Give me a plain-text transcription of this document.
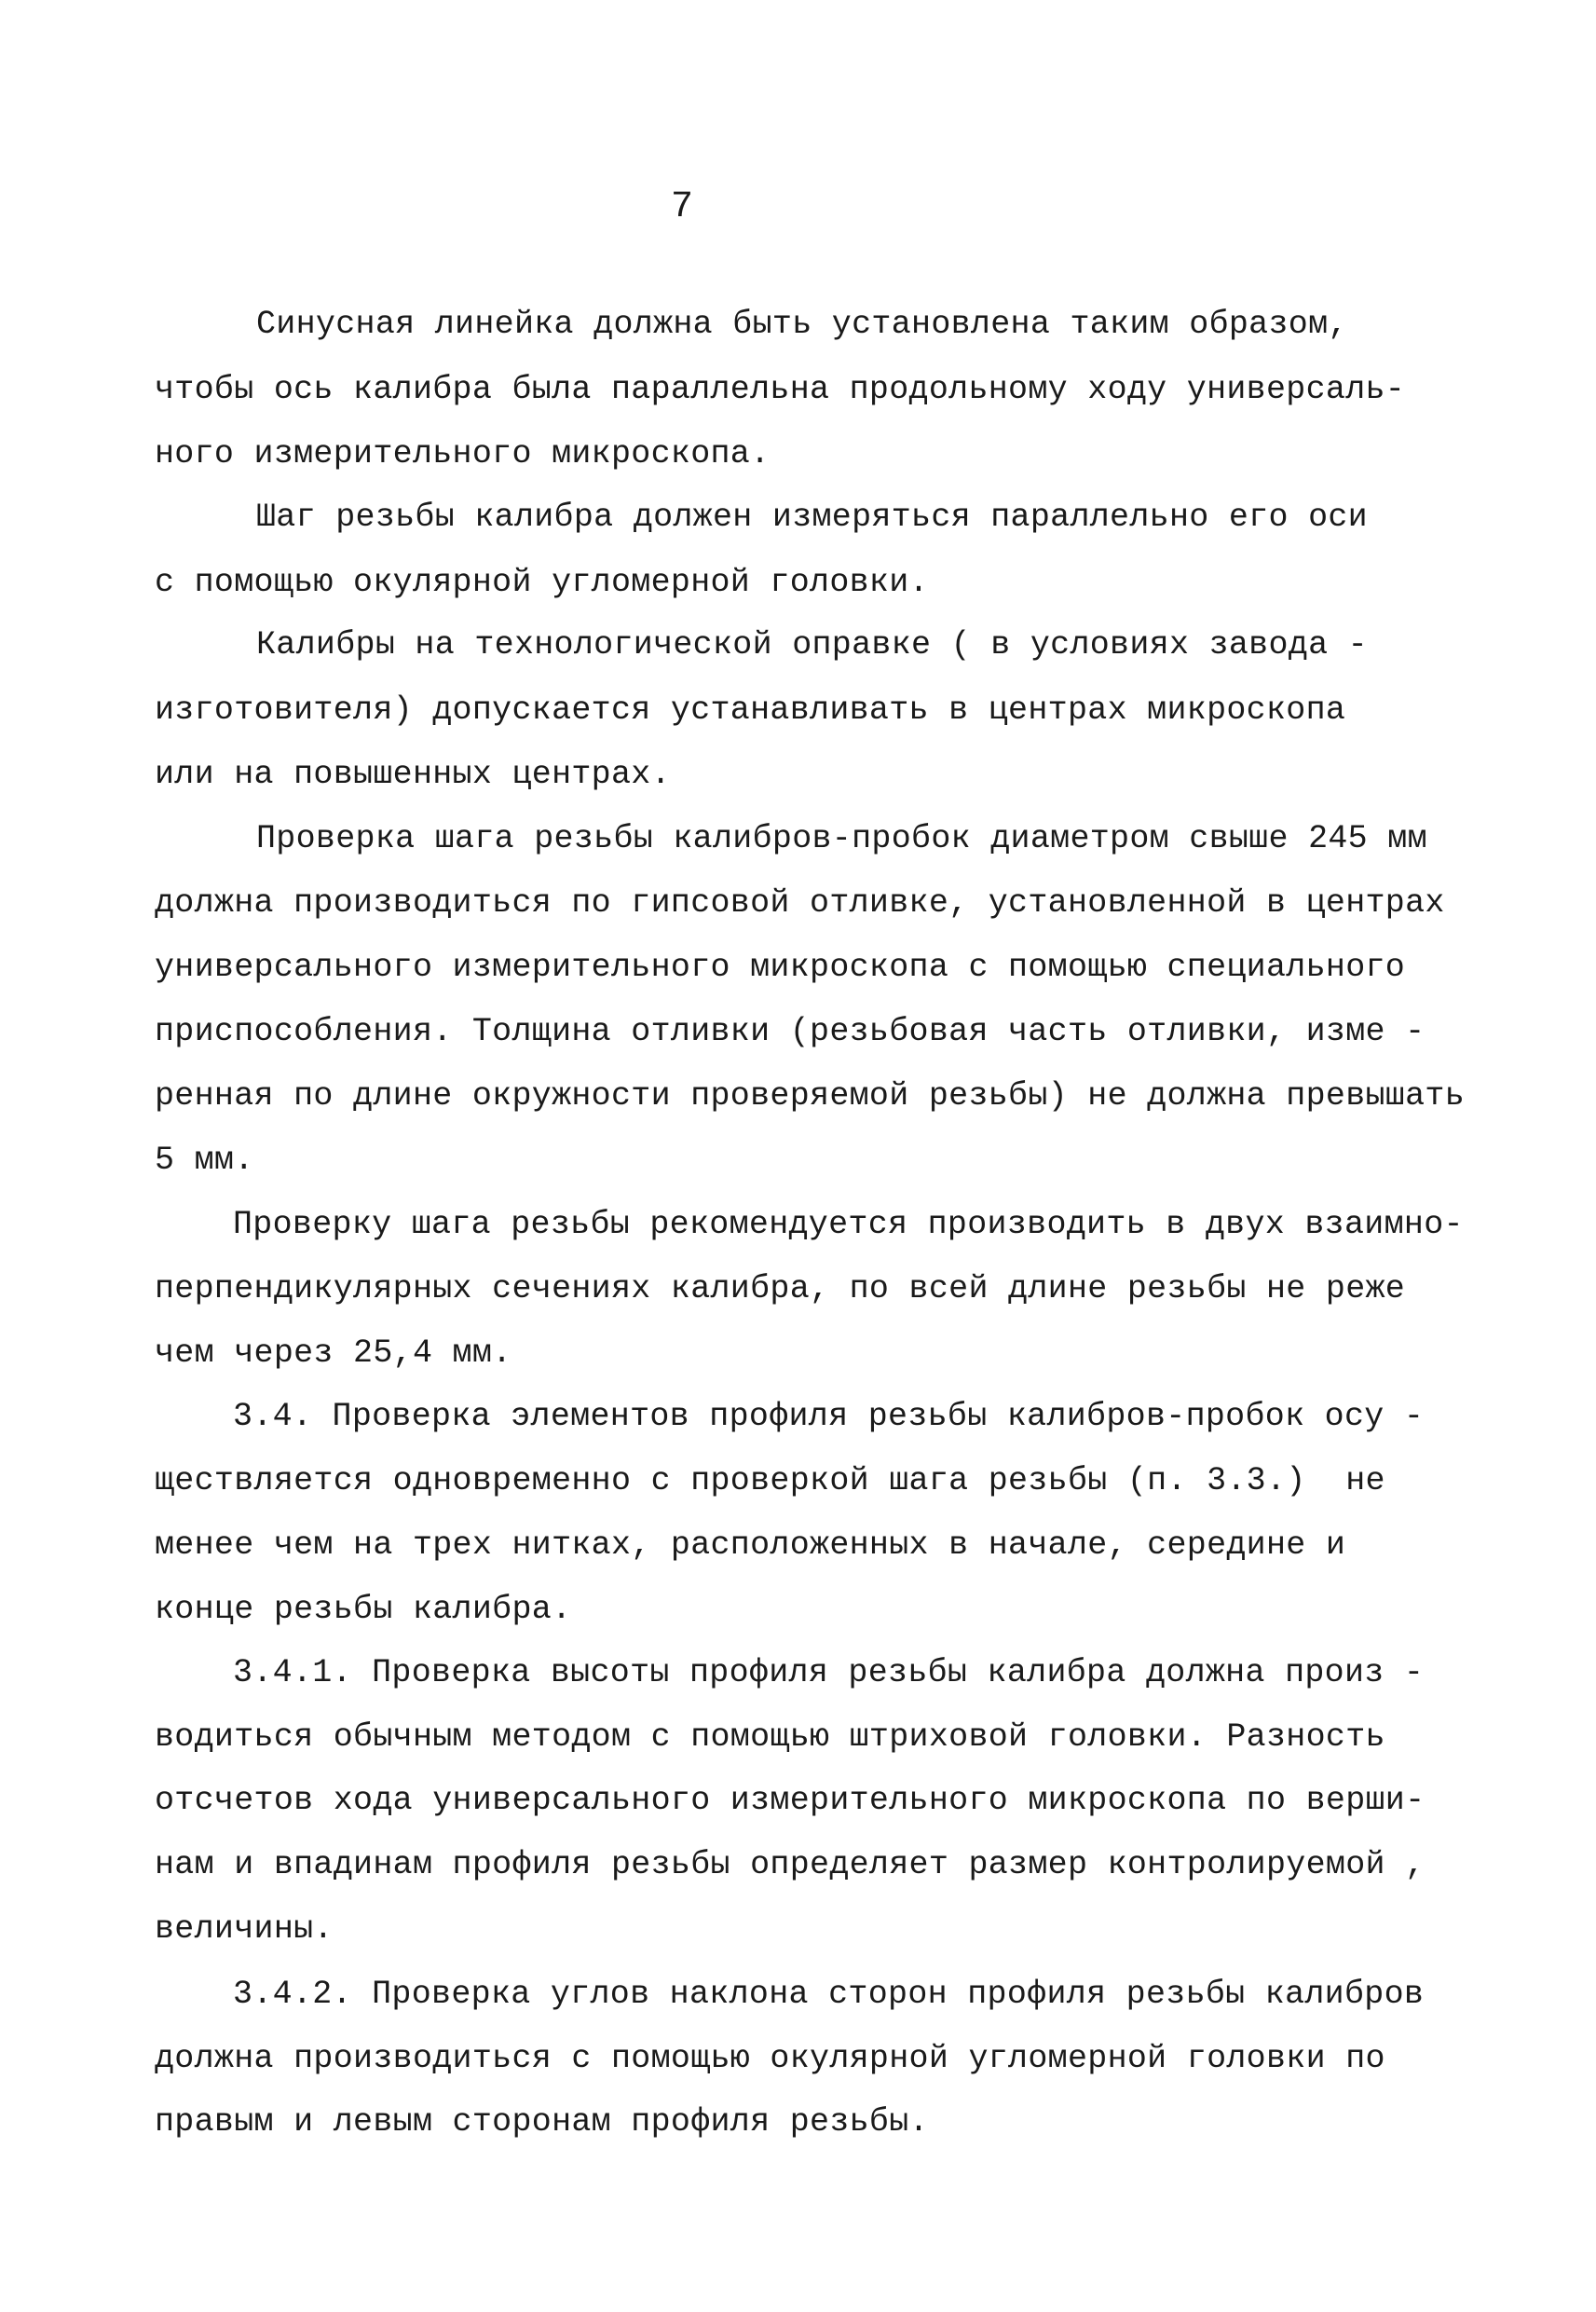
7
Синусная линейка должна быть установлена таким образом,
чтобы ось калибра была параллельна продольному ходу универсаль-
ного измерительного микроскопа.
Шаг резьбы калибра должен измеряться параллельно его оси
с помощью окулярной угломерной головки.
Калибры на технологической оправке ( в условиях завода -
изготовителя) допускается устанавливать в центрах микроскопа
или на повышенных центрах.
Проверка шага резьбы калибров-пробок диаметром свыше 245 мм
должна производиться по гипсовой отливке, установленной в центрах
универсального измерительного микроскопа с помощью специального
приспособления. Толщина отливки (резьбовая часть отливки, изме -
ренная по длине окружности проверяемой резьбы) не должна превышать
5 мм.
Проверку шага резьбы рекомендуется производить в двух взаимно-
перпендикулярных сечениях калибра, по всей длине резьбы не реже
чем через 25,4 мм.
3.4. Проверка элементов профиля резьбы калибров-пробок осу -
ществляется одновременно с проверкой шага резьбы (п. 3.3.)  не
менее чем на трех нитках, расположенных в начале, середине и
конце резьбы калибра.
3.4.1. Проверка высоты профиля резьбы калибра должна произ -
водиться обычным методом с помощью штриховой головки. Разность
отсчетов хода универсального измерительного микроскопа по верши-
нам и впадинам профиля резьбы определяет размер контролируемой ,
величины.
3.4.2. Проверка углов наклона сторон профиля резьбы калибров
должна производиться с помощью окулярной угломерной головки по
правым и левым сторонам профиля резьбы.
